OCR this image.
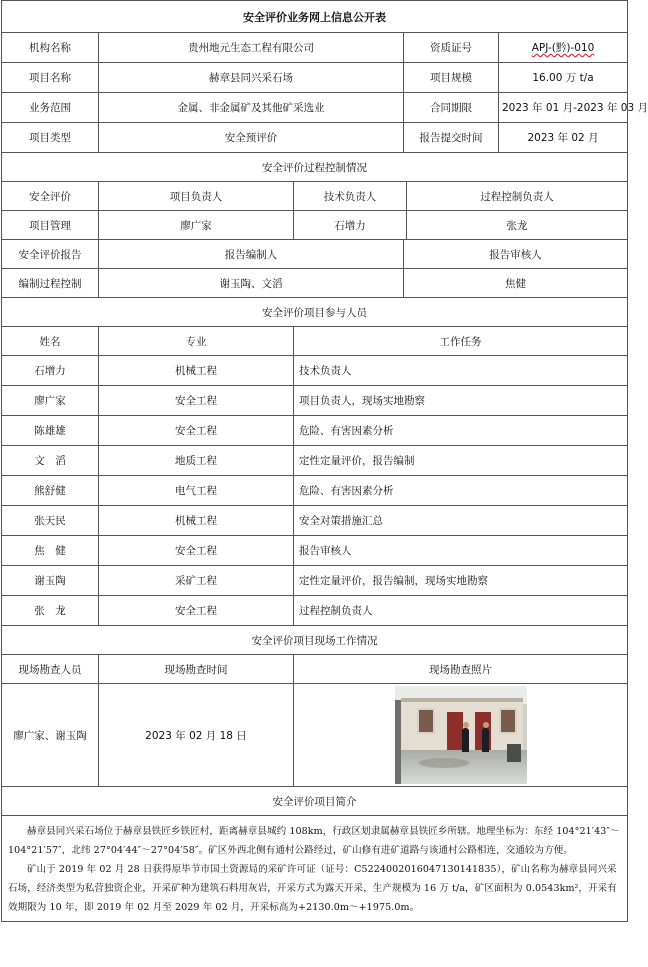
安全评价业务网上信息公开表					
机构名称	贵州地元生态工程有限公司		资质证号		APJ-(黔)-010
项目名称	赫章县同兴采石场		项目规模		16.00 万 t/a
业务范围	金属、非金属矿及其他矿采选业		合同期限		2023 年 01 月-2023 年 03 月
项目类型	安全预评价		报告提交时间		2023 年 02 月
安全评价过程控制情况					
安全评价	项目负责人	技术负责人		过程控制负责人	
项目管理	廖广家	石增力		张龙	
安全评价报告	报告编制人		报告审核人		
编制过程控制	谢玉陶、文滔		焦健		
安全评价项目参与人员					
姓名	专业	工作任务			
石增力	机械工程	技术负责人			
廖广家	安全工程	项目负责人，现场实地勘察			
陈雄雄	安全工程	危险、有害因素分析			
文　滔	地质工程	定性定量评价，报告编制			
熊舒健	电气工程	危险、有害因素分析			
张天民	机械工程	安全对策措施汇总			
焦　健	安全工程	报告审核人			
谢玉陶	采矿工程	定性定量评价，报告编制，现场实地勘察			
张　龙	安全工程	过程控制负责人			
安全评价项目现场工作情况					
现场勘查人员	现场勘查时间	现场勘查照片			
廖广家、谢玉陶	2023 年 02 月 18 日				

安全评价项目简介					

赫章县同兴采石场位于赫章县铁匠乡铁匠村，距离赫章县城约 108km，行政区划隶属赫章县铁匠乡所辖。地理坐标为：东经 104°21′43″～104°21′57″，北纬 27°04′44″～27°04′58″。矿区外西北侧有通村公路经过，矿山修有进矿道路与该通村公路相连，交通较为方便。

矿山于 2019 年 02 月 28 日获得原毕节市国土资源局的采矿许可证（证号：C5224002016047130141835），矿山名称为赫章县同兴采石场，经济类型为私营独资企业，开采矿种为建筑石料用灰岩，开采方式为露天开采，生产规模为 16 万 t/a，矿区面积为 0.0543km²，开采有效期限为 10 年，即 2019 年 02 月至 2029 年 02 月，开采标高为+2130.0m～+1975.0m。					
